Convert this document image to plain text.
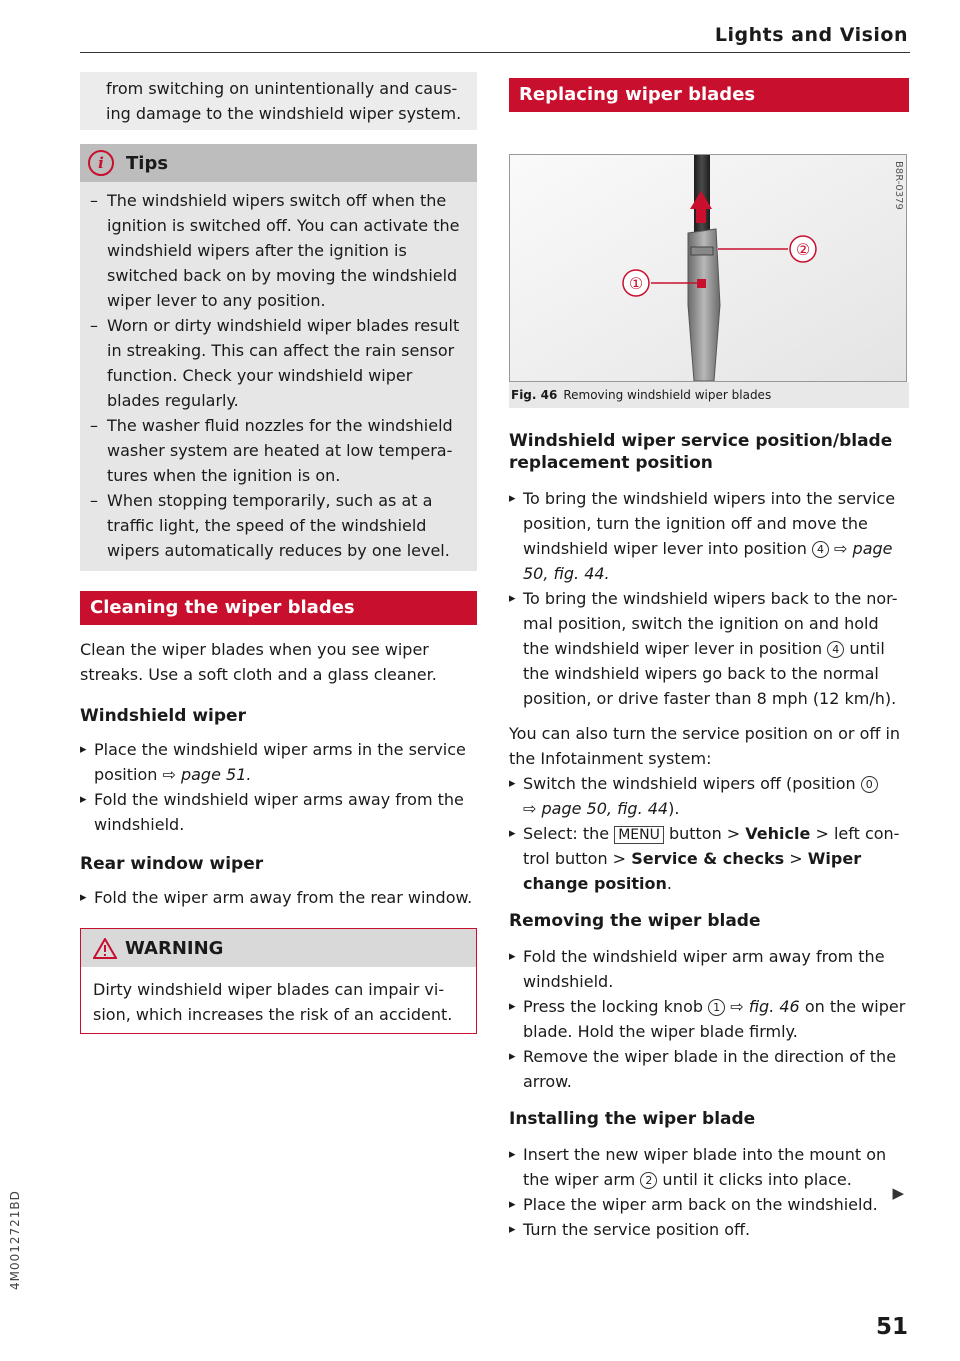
Lights and Vision

from switching on unintentionally and caus-ing damage to the windshield wiper system.

i	Tips
– The windshield wipers switch off when the ignition is switched off. You can activate the windshield wipers after the ignition is switched back on by moving the windshield wiper lever to any position.
– Worn or dirty windshield wiper blades result in streaking. This can affect the rain sensor function. Check your windshield wiper blades regularly.
– The washer fluid nozzles for the windshield washer system are heated at low tempera-tures when the ignition is on.
– When stopping temporarily, such as at a traffic light, the speed of the windshield wipers automatically reduces by one level.
Cleaning the wiper blades

Clean the wiper blades when you see wiper streaks. Use a soft cloth and a glass cleaner.

Windshield wiper

▸ Place the windshield wiper arms in the service position ⇨ page 51.
▸ Fold the windshield wiper arms away from the windshield.

Rear window wiper

▸ Fold the wiper arm away from the rear window.
WARNING

Dirty windshield wiper blades can impair vi-sion, which increases the risk of an accident.

Replacing wiper blades
①
②
B8R-0379
Fig. 46 Removing windshield wiper blades

Windshield wiper service position/blade replacement position

▸ To bring the windshield wipers into the service position, turn the ignition off and move the windshield wiper lever into position 4 ⇨ page 50, fig. 44.
▸ To bring the windshield wipers back to the nor-mal position, switch the ignition on and hold the windshield wiper lever in position 4 until the windshield wipers go back to the normal position, or drive faster than 8 mph (12 km/h).

You can also turn the service position on or off in the Infotainment system:

▸ Switch the windshield wipers off (position 0
⇨ page 50, fig. 44).
▸ Select: the MENU button > Vehicle > left con-trol button > Service & checks > Wiper change position.

Removing the wiper blade

▸ Fold the windshield wiper arm away from the windshield.
▸ Press the locking knob 1 ⇨ fig. 46 on the wiper blade. Hold the wiper blade firmly.
▸ Remove the wiper blade in the direction of the arrow.

Installing the wiper blade

▸ Insert the new wiper blade into the mount on the wiper arm 2 until it clicks into place.
▸ Place the wiper arm back on the windshield.
▸ Turn the service position off.
▶
4M0012721BD
51
